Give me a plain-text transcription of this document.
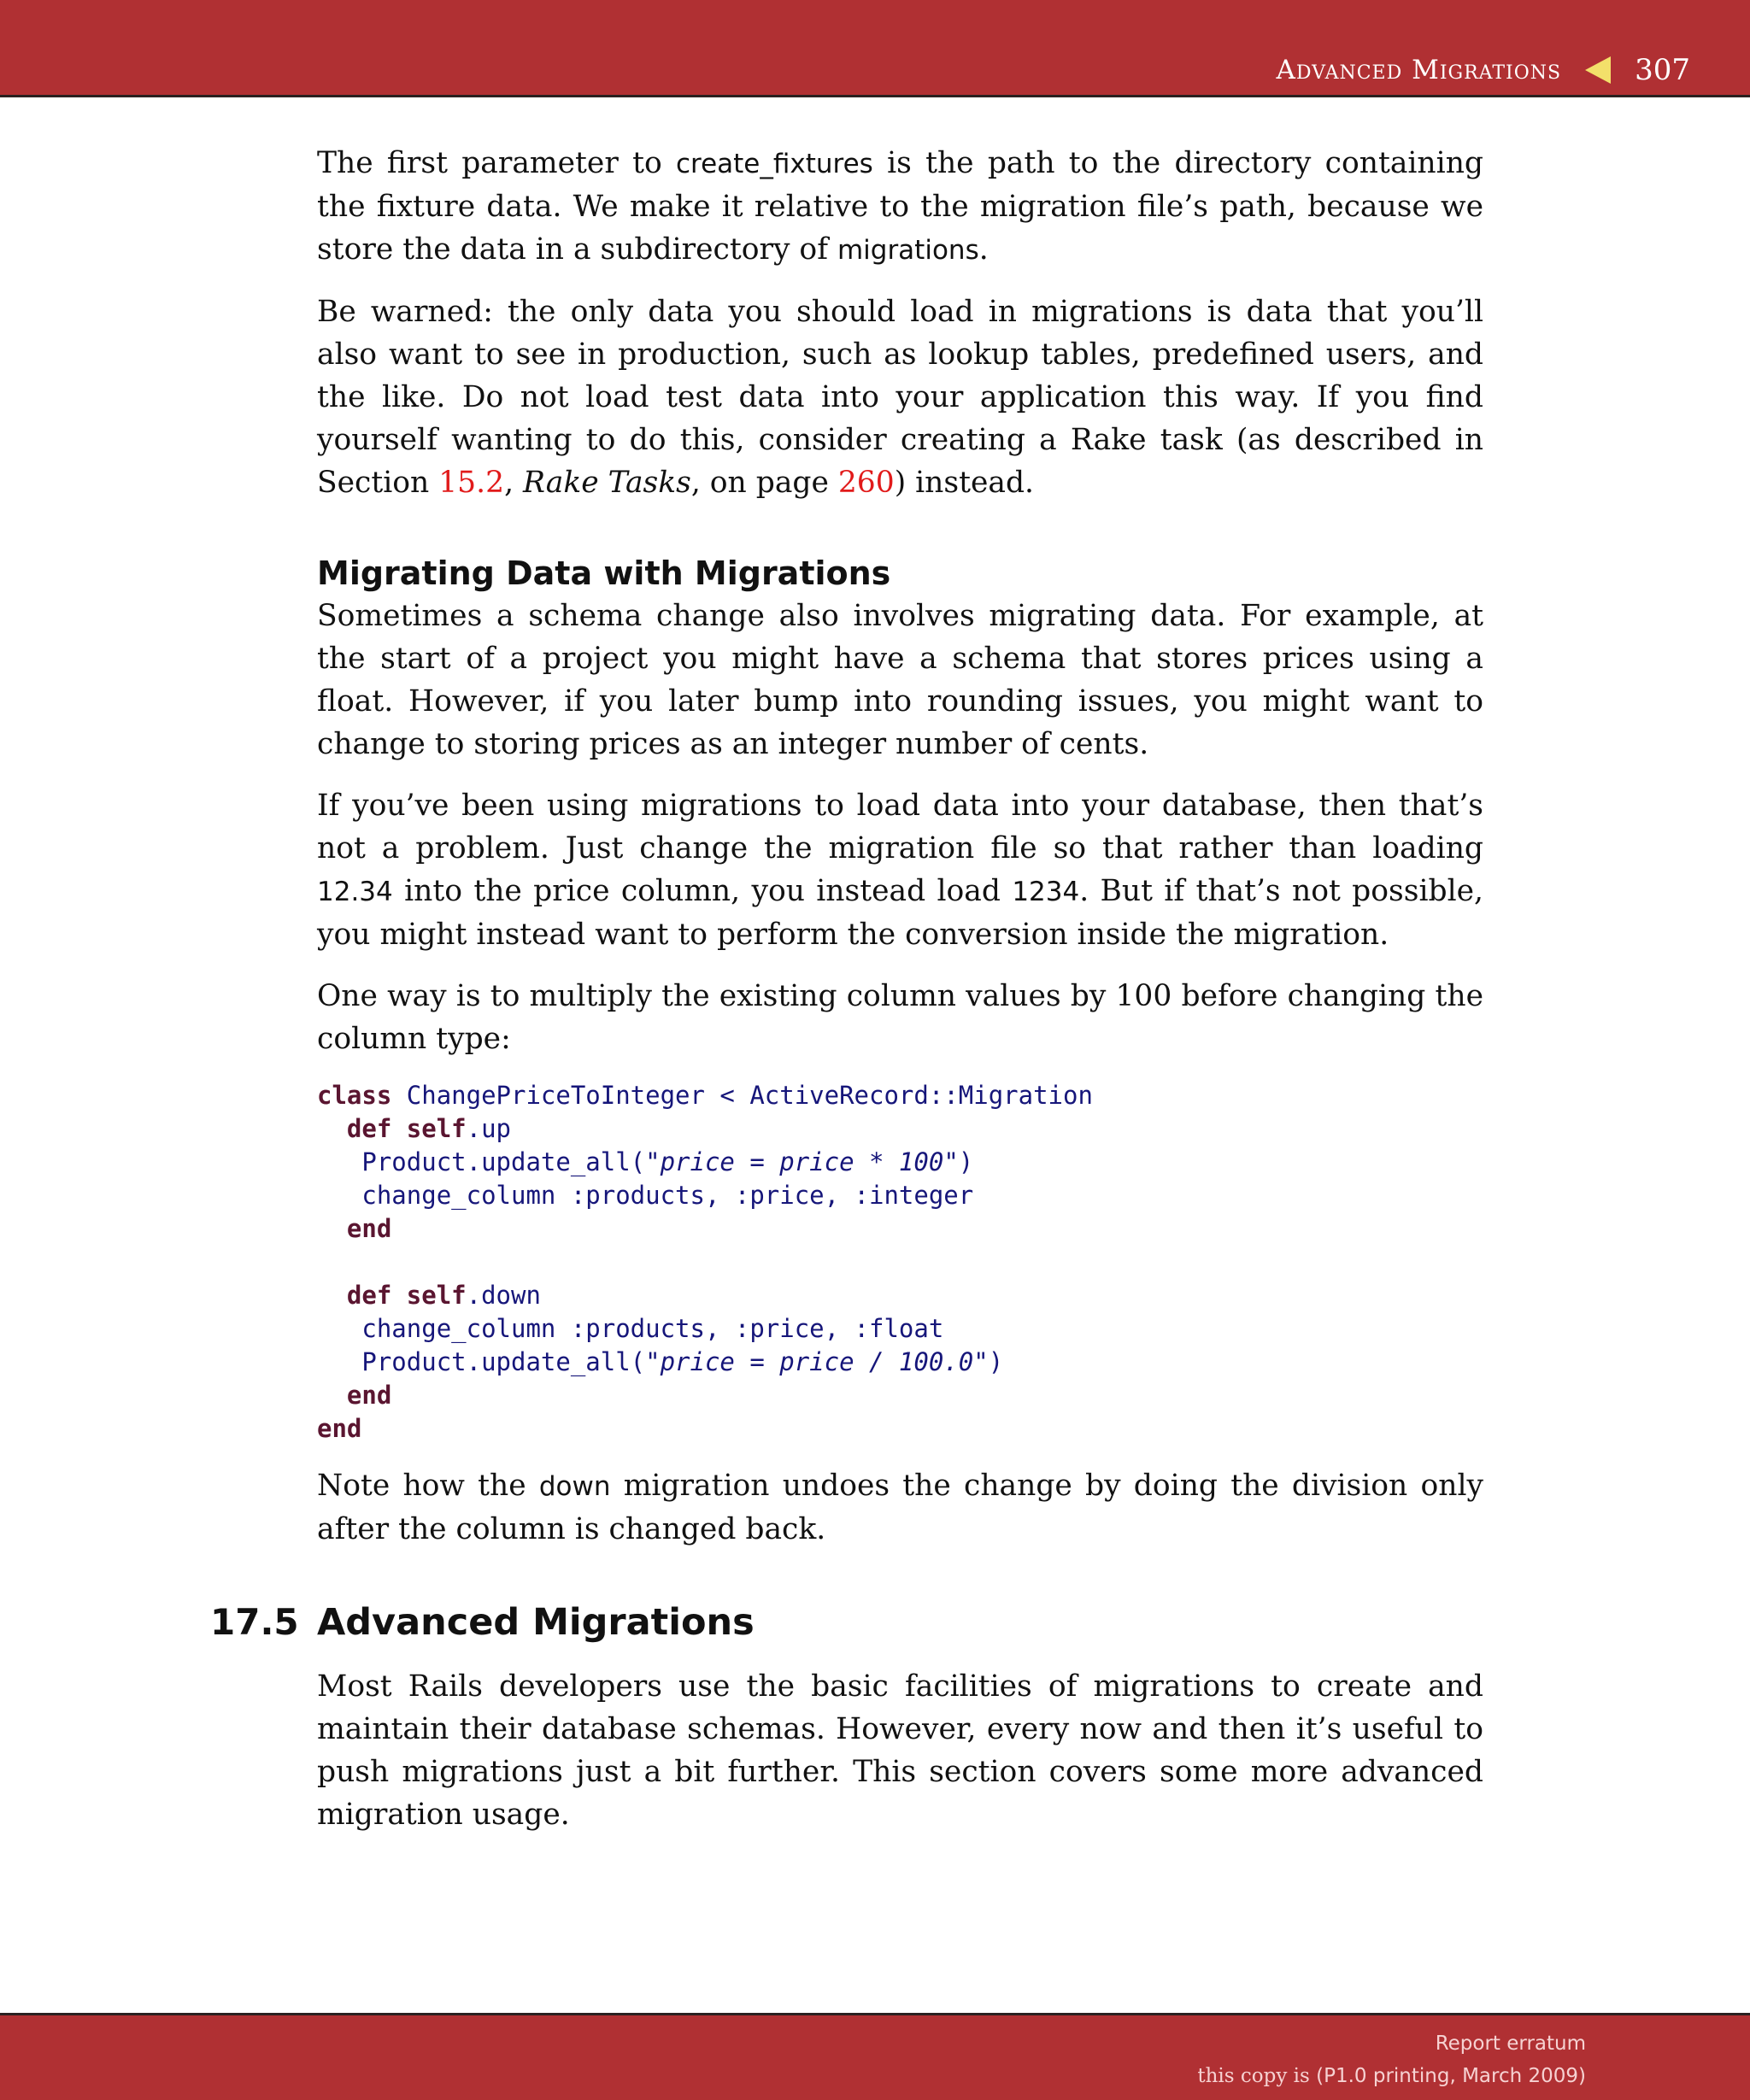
Advanced Migrations	307

The first parameter to create_fixtures is the path to the directory containing the fixture data. We make it relative to the migration file’s path, because we store the data in a subdirectory of migrations.

Be warned: the only data you should load in migrations is data that you’ll also want to see in production, such as lookup tables, predefined users, and the like. Do not load test data into your application this way. If you find yourself wanting to do this, consider creating a Rake task (as described in Section 15.2, Rake Tasks, on page 260) instead.

Migrating Data with Migrations

Sometimes a schema change also involves migrating data. For example, at the start of a project you might have a schema that stores prices using a float. However, if you later bump into rounding issues, you might want to change to storing prices as an integer number of cents.

If you’ve been using migrations to load data into your database, then that’s not a problem. Just change the migration file so that rather than loading 12.34 into the price column, you instead load 1234. But if that’s not possible, you might instead want to perform the conversion inside the migration.

One way is to multiply the existing column values by 100 before changing the column type:

class ChangePriceToInteger < ActiveRecord::Migration
def self.up
Product.update_all("price = price * 100")
change_column :products, :price, :integer
end

def self.down
change_column :products, :price, :float
Product.update_all("price = price / 100.0")
end
end

Note how the down migration undoes the change by doing the division only after the column is changed back.

17.5 Advanced Migrations

Most Rails developers use the basic facilities of migrations to create and maintain their database schemas. However, every now and then it’s useful to push migrations just a bit further. This section covers some more advanced migration usage.

Report erratum
this copy is (P1.0 printing, March 2009)
